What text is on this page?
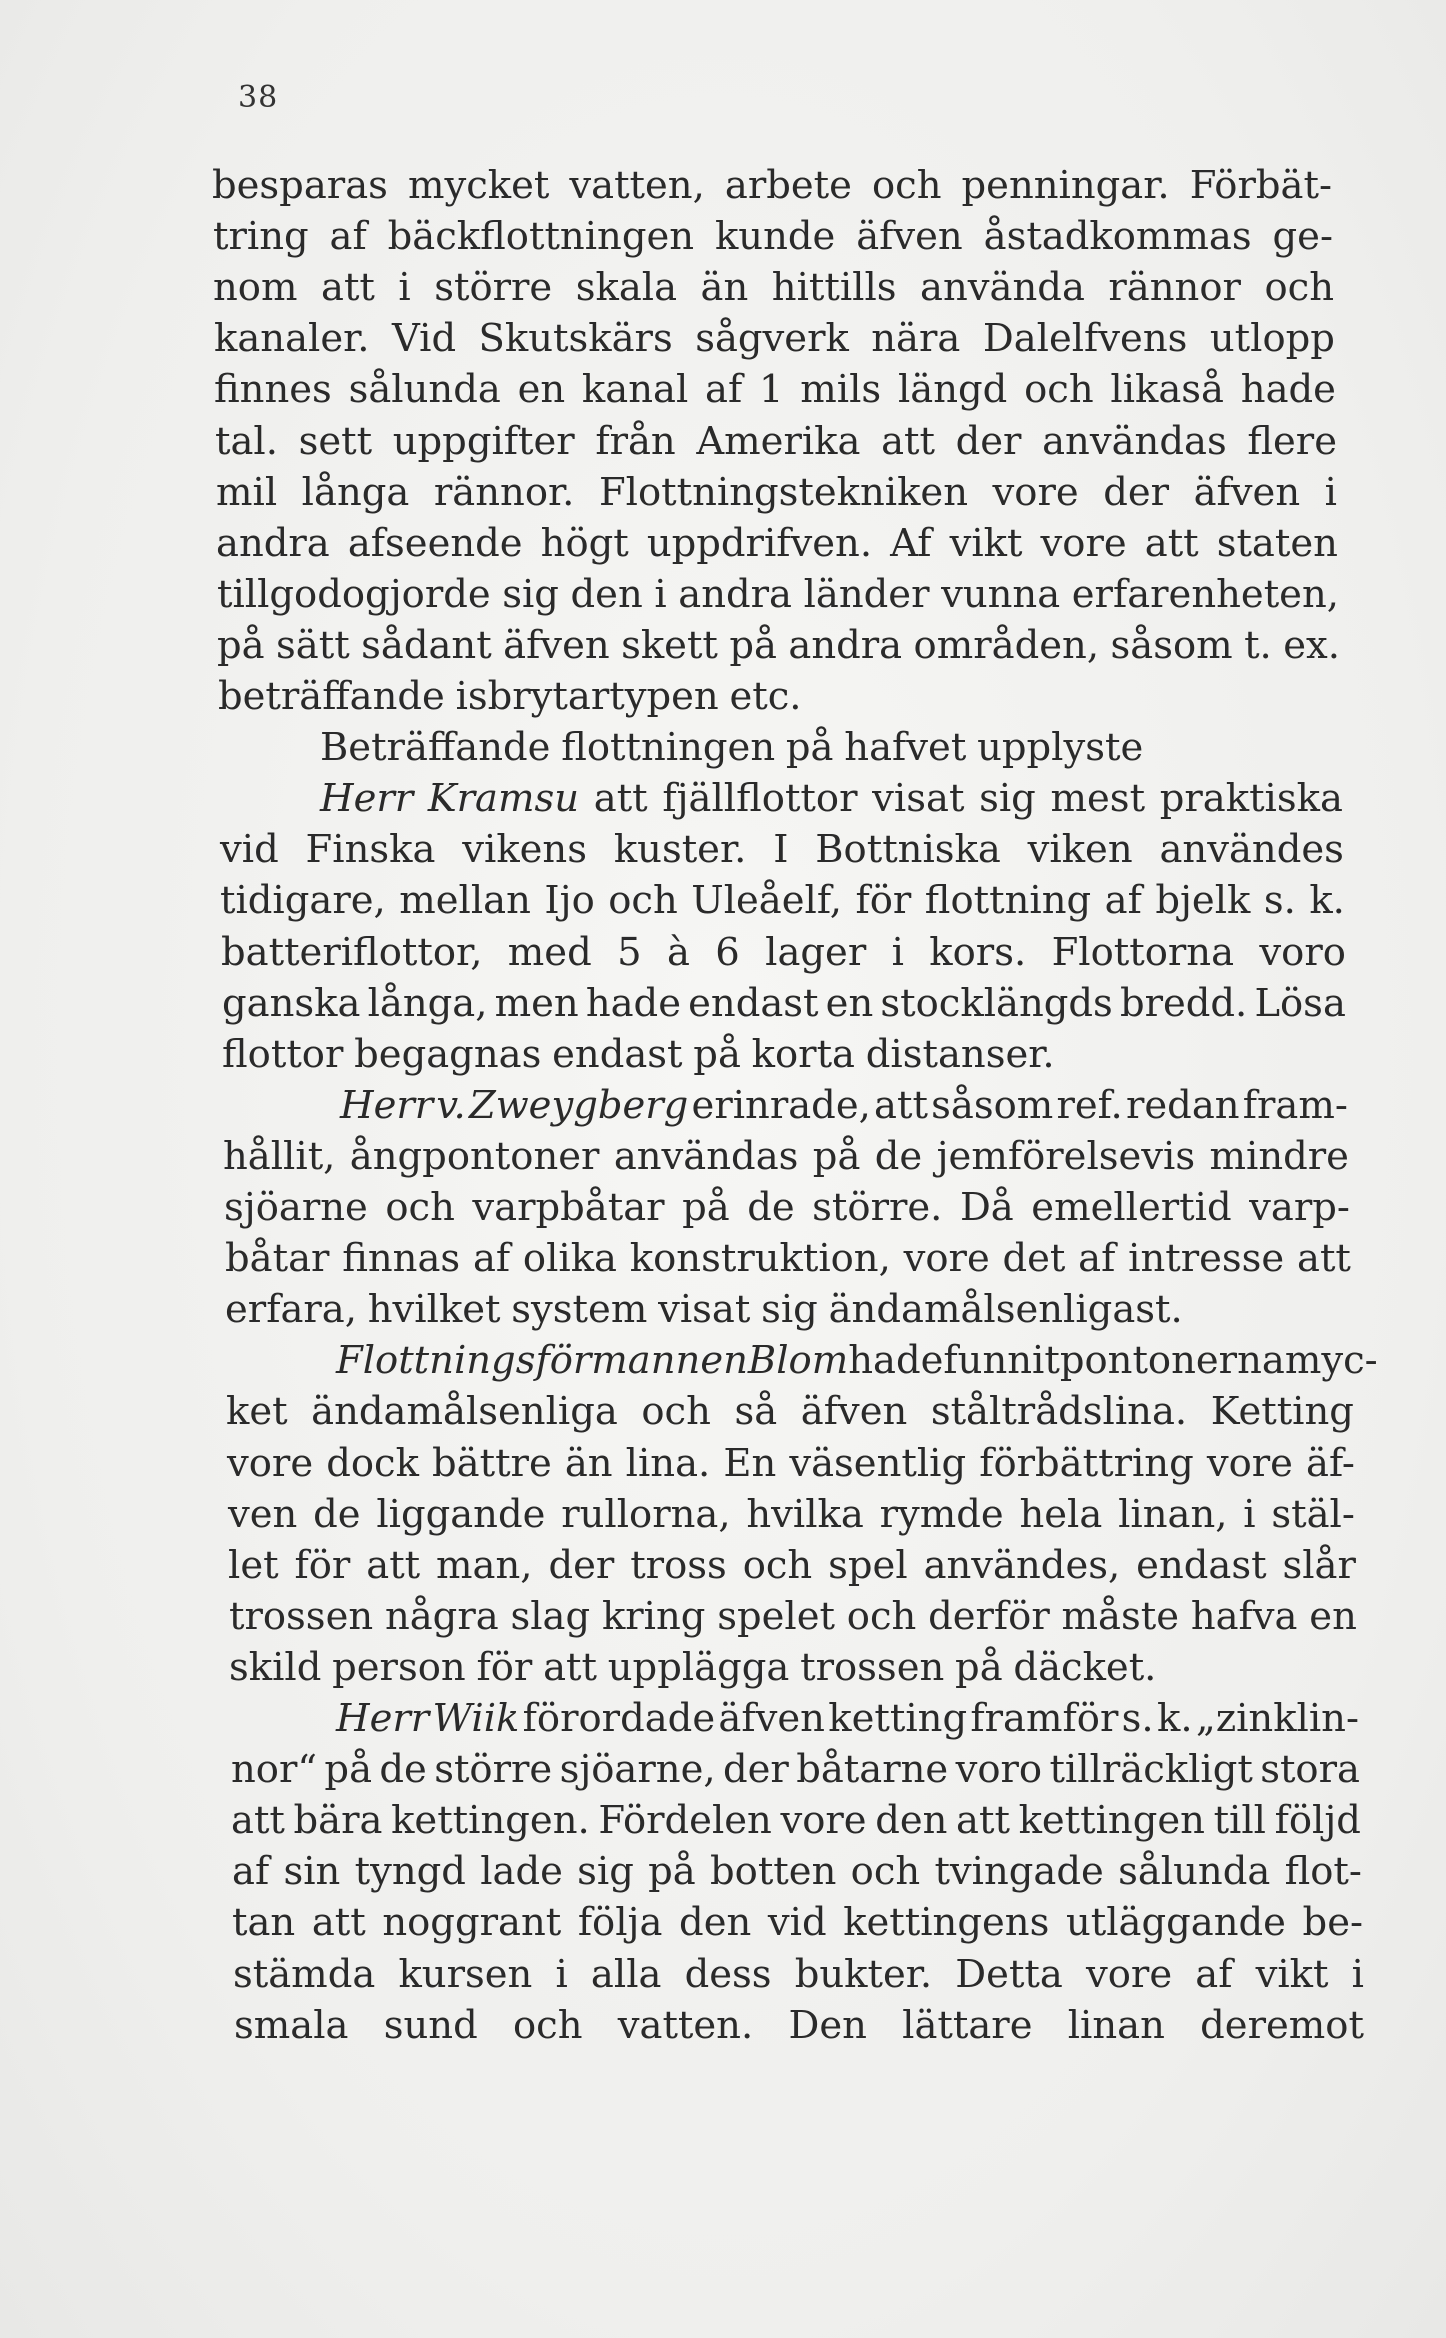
38
besparas mycket vatten, arbete och penningar. Förbät-
tring af bäckflottningen kunde äfven åstadkommas ge-
nom att i större skala än hittills använda rännor och
kanaler. Vid Skutskärs sågverk nära Dalelfvens utlopp
finnes sålunda en kanal af 1 mils längd och likaså hade
tal. sett uppgifter från Amerika att der användas flere
mil långa rännor. Flottningstekniken vore der äfven i
andra afseende högt uppdrifven. Af vikt vore att staten
tillgodogjorde sig den i andra länder vunna erfarenheten,
på sätt sådant äfven skett på andra områden, såsom t. ex.
beträffande isbrytartypen etc.
Beträffande flottningen på hafvet upplyste
Herr Kramsu att fjällflottor visat sig mest praktiska
vid Finska vikens kuster. I Bottniska viken användes
tidigare, mellan Ijo och Uleåelf, för flottning af bjelk s. k.
batteriflottor, med 5 à 6 lager i kors. Flottorna voro
ganska långa, men hade endast en stocklängds bredd. Lösa
flottor begagnas endast på korta distanser.
Herr v. Zweygberg erinrade, att såsom ref. redan fram-
hållit, ångpontoner användas på de jemförelsevis mindre
sjöarne och varpbåtar på de större. Då emellertid varp-
båtar finnas af olika konstruktion, vore det af intresse att
erfara, hvilket system visat sig ändamålsenligast.
Flottningsförmannen Blom hade funnit pontonerna myc-
ket ändamålsenliga och så äfven ståltrådslina. Ketting
vore dock bättre än lina. En väsentlig förbättring vore äf-
ven de liggande rullorna, hvilka rymde hela linan, i stäl-
let för att man, der tross och spel användes, endast slår
trossen några slag kring spelet och derför måste hafva en
skild person för att upplägga trossen på däcket.
Herr Wiik förordade äfven ketting framför s. k. „zinklin-
nor“ på de större sjöarne, der båtarne voro tillräckligt stora
att bära kettingen. Fördelen vore den att kettingen till följd
af sin tyngd lade sig på botten och tvingade sålunda flot-
tan att noggrant följa den vid kettingens utläggande be-
stämda kursen i alla dess bukter. Detta vore af vikt i
smala sund och vatten. Den lättare linan deremot
